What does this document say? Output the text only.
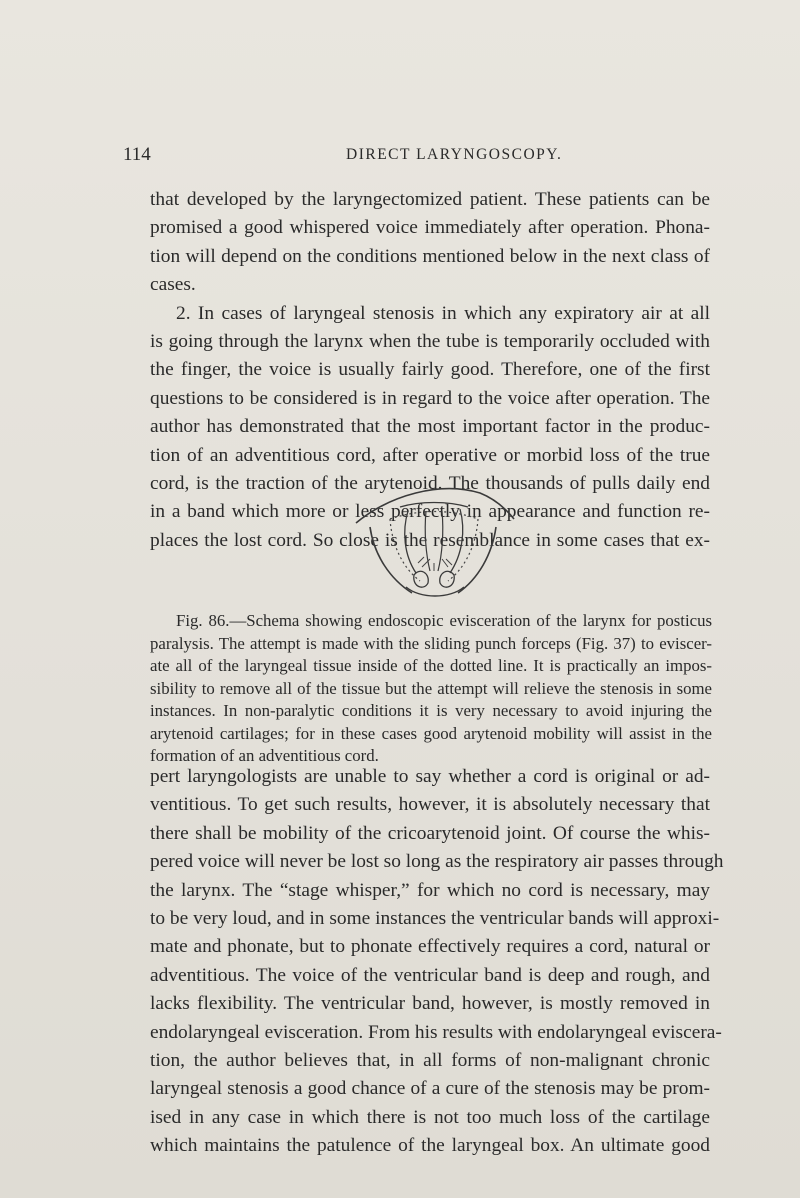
114	DIRECT LARYNGOSCOPY.

that developed by the laryngectomized patient. These patients can be
promised a good whispered voice immediately after operation. Phona-
tion will depend on the conditions mentioned below in the next class of
cases.
2. In cases of laryngeal stenosis in which any expiratory air at all
is going through the larynx when the tube is temporarily occluded with
the finger, the voice is usually fairly good. Therefore, one of the first
questions to be considered is in regard to the voice after operation. The
author has demonstrated that the most important factor in the produc-
tion of an adventitious cord, after operative or morbid loss of the true
cord, is the traction of the arytenoid. The thousands of pulls daily end
in a band which more or less perfectly in appearance and function re-
places the lost cord. So close is the resemblance in some cases that ex-

Fig. 86.—Schema showing endoscopic evisceration of the larynx for posticus
paralysis. The attempt is made with the sliding punch forceps (Fig. 37) to eviscer-
ate all of the laryngeal tissue inside of the dotted line. It is practically an impos-
sibility to remove all of the tissue but the attempt will relieve the stenosis in some
instances. In non-paralytic conditions it is very necessary to avoid injuring the
arytenoid cartilages; for in these cases good arytenoid mobility will assist in the
formation of an adventitious cord.

pert laryngologists are unable to say whether a cord is original or ad-
ventitious. To get such results, however, it is absolutely necessary that
there shall be mobility of the cricoarytenoid joint. Of course the whis-
pered voice will never be lost so long as the respiratory air passes through
the larynx. The “stage whisper,” for which no cord is necessary, may
to be very loud, and in some instances the ventricular bands will approxi-
mate and phonate, but to phonate effectively requires a cord, natural or
adventitious. The voice of the ventricular band is deep and rough, and
lacks flexibility. The ventricular band, however, is mostly removed in
endolaryngeal evisceration. From his results with endolaryngeal eviscera-
tion, the author believes that, in all forms of non-malignant chronic
laryngeal stenosis a good chance of a cure of the stenosis may be prom-
ised in any case in which there is not too much loss of the cartilage
which maintains the patulence of the laryngeal box. An ultimate good
